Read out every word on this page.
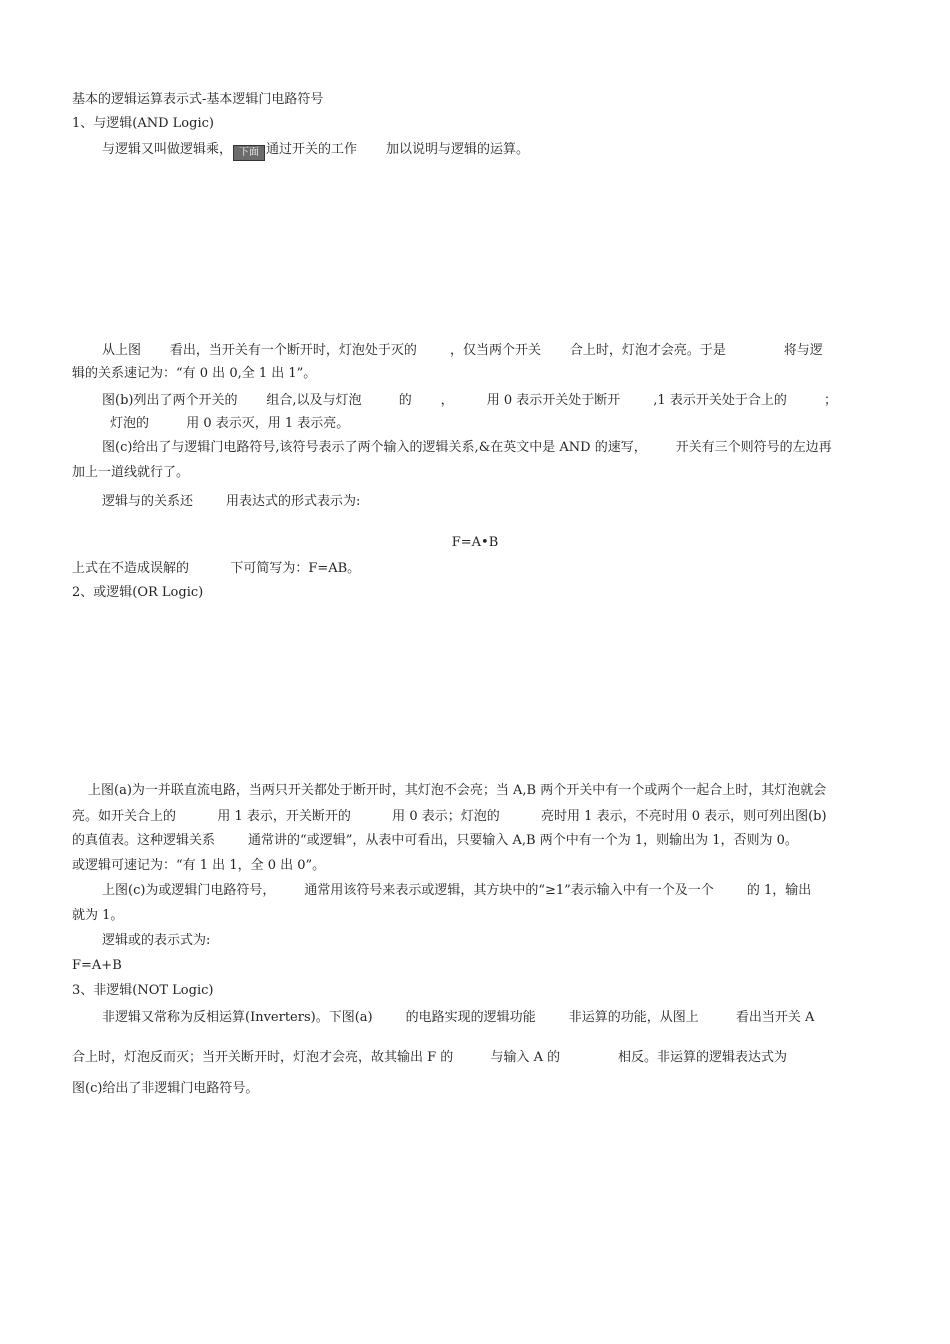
基本的逻辑运算表示式-基本逻辑门电路符号
1、与逻辑(AND Logic)
与逻辑又叫做逻辑乘， 下面 通过开关的工作       加以说明与逻辑的运算。
从上图       看出，当开关有一个断开时，灯泡处于灭的        ，仅当两个开关       合上时，灯泡才会亮。于是              将与逻
辑的关系速记为：“有 0 出 0,全 1 出 1”。
图(b)列出了两个开关的       组合,以及与灯泡         的       ，        用 0 表示开关处于断开        ,1 表示开关处于合上的         ；
灯泡的         用 0 表示灭，用 1 表示亮。
图(c)给出了与逻辑门电路符号,该符号表示了两个输入的逻辑关系,&在英文中是 AND 的速写，       开关有三个则符号的左边再
加上一道线就行了。
逻辑与的关系还        用表达式的形式表示为:
F=A•B
上式在不造成误解的          下可简写为：F=AB。
2、或逻辑(OR Logic)
上图(a)为一并联直流电路，当两只开关都处于断开时，其灯泡不会亮；当 A,B 两个开关中有一个或两个一起合上时，其灯泡就会
亮。如开关合上的          用 1 表示，开关断开的          用 0 表示；灯泡的          亮时用 1 表示，不亮时用 0 表示，则可列出图(b)
的真值表。这种逻辑关系        通常讲的“或逻辑”，从表中可看出，只要输入 A,B 两个中有一个为 1，则输出为 1，否则为 0。
或逻辑可速记为：“有 1 出 1，全 0 出 0”。
上图(c)为或逻辑门电路符号，       通常用该符号来表示或逻辑，其方块中的“≥1”表示输入中有一个及一个        的 1，输出
就为 1。
逻辑或的表示式为:
F=A+B
3、非逻辑(NOT Logic)
非逻辑又常称为反相运算(Inverters)。下图(a)        的电路实现的逻辑功能        非运算的功能，从图上         看出当开关 A
合上时，灯泡反而灭；当开关断开时，灯泡才会亮，故其输出 F 的         与输入 A 的              相反。非运算的逻辑表达式为
图(c)给出了非逻辑门电路符号。
